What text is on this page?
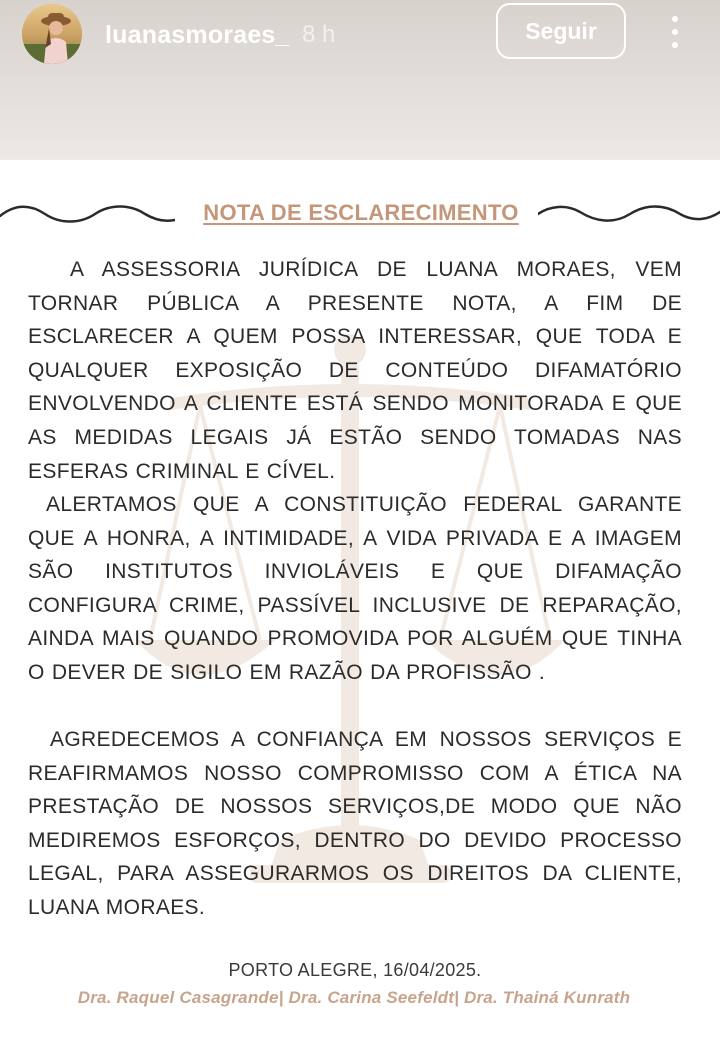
luanasmoraes_ 8 h	Seguir
NOTA DE ESCLARECIMENTO

A ASSESSORIA JURÍDICA DE LUANA MORAES, VEM TORNAR PÚBLICA A PRESENTE NOTA, A FIM DE ESCLARECER A QUEM POSSA INTERESSAR, QUE TODA E QUALQUER EXPOSIÇÃO DE CONTEÚDO DIFAMATÓRIO ENVOLVENDO A CLIENTE ESTÁ SENDO MONITORADA E QUE AS MEDIDAS LEGAIS JÁ ESTÃO SENDO TOMADAS NAS ESFERAS CRIMINAL E CÍVEL.

ALERTAMOS QUE A CONSTITUIÇÃO FEDERAL GARANTE QUE A HONRA, A INTIMIDADE, A VIDA PRIVADA E A IMAGEM SÃO INSTITUTOS INVIOLÁVEIS E QUE DIFAMAÇÃO CONFIGURA CRIME, PASSÍVEL INCLUSIVE DE REPARAÇÃO, AINDA MAIS QUANDO PROMOVIDA POR ALGUÉM QUE TINHA O DEVER DE SIGILO EM RAZÃO DA PROFISSÃO .

AGREDECEMOS A CONFIANÇA EM NOSSOS SERVIÇOS E REAFIRMAMOS NOSSO COMPROMISSO COM A ÉTICA NA PRESTAÇÃO DE NOSSOS SERVIÇOS,DE MODO QUE NÃO MEDIREMOS ESFORÇOS, DENTRO DO DEVIDO PROCESSO LEGAL, PARA ASSEGURARMOS OS DIREITOS DA CLIENTE, LUANA MORAES.

PORTO ALEGRE, 16/04/2025.
Dra. Raquel Casagrande| Dra. Carina Seefeldt| Dra. Thainá Kunrath
